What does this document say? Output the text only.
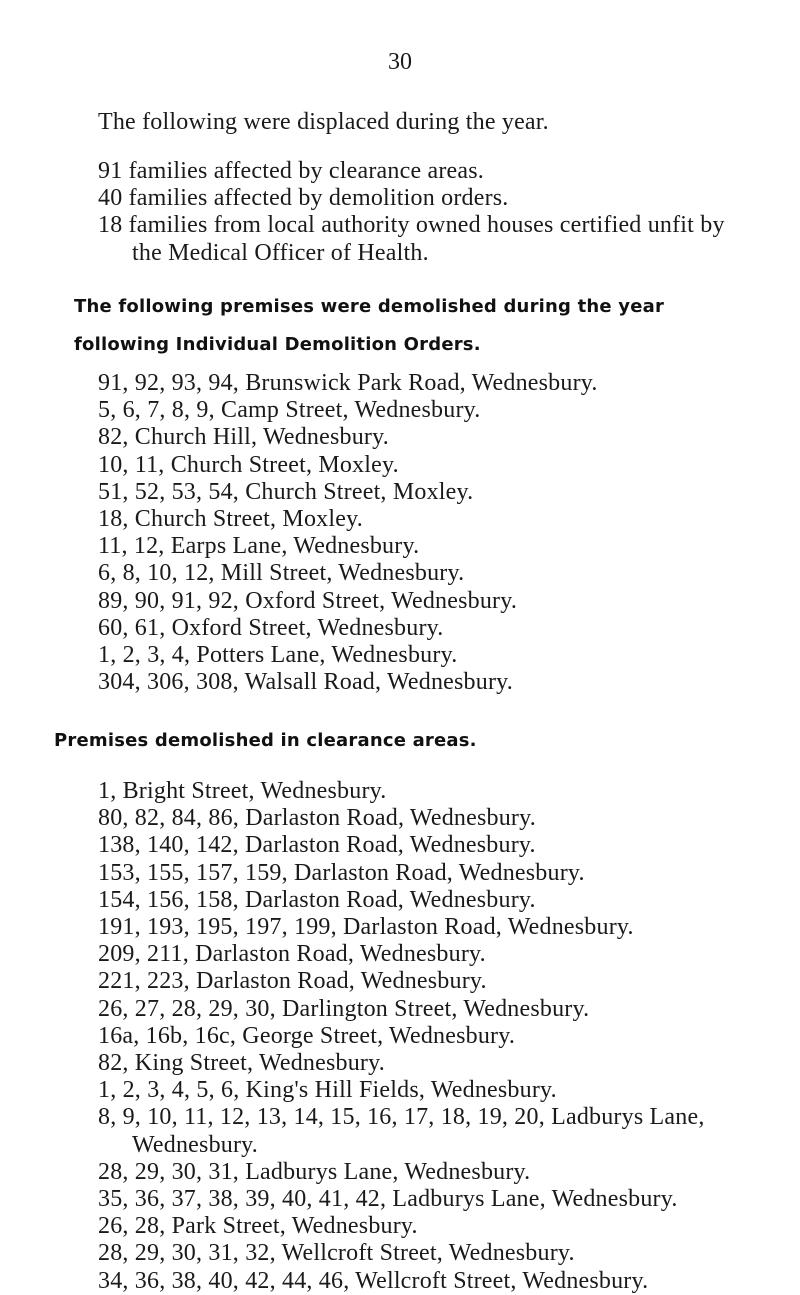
30
The following were displaced during the year.
91 families affected by clearance areas.
40 families affected by demolition orders.
18 families from local authority owned houses certified unfit by the Medical Officer of Health.
The following premises were demolished during the year following Individual Demolition Orders.
91, 92, 93, 94, Brunswick Park Road, Wednesbury.
5, 6, 7, 8, 9, Camp Street, Wednesbury.
82, Church Hill, Wednesbury.
10, 11, Church Street, Moxley.
51, 52, 53, 54, Church Street, Moxley.
18, Church Street, Moxley.
11, 12, Earps Lane, Wednesbury.
6, 8, 10, 12, Mill Street, Wednesbury.
89, 90, 91, 92, Oxford Street, Wednesbury.
60, 61, Oxford Street, Wednesbury.
1, 2, 3, 4, Potters Lane, Wednesbury.
304, 306, 308, Walsall Road, Wednesbury.
Premises demolished in clearance areas.
1, Bright Street, Wednesbury.
80, 82, 84, 86, Darlaston Road, Wednesbury.
138, 140, 142, Darlaston Road, Wednesbury.
153, 155, 157, 159, Darlaston Road, Wednesbury.
154, 156, 158, Darlaston Road, Wednesbury.
191, 193, 195, 197, 199, Darlaston Road, Wednesbury.
209, 211, Darlaston Road, Wednesbury.
221, 223, Darlaston Road, Wednesbury.
26, 27, 28, 29, 30, Darlington Street, Wednesbury.
16a, 16b, 16c, George Street, Wednesbury.
82, King Street, Wednesbury.
1, 2, 3, 4, 5, 6, King's Hill Fields, Wednesbury.
8, 9, 10, 11, 12, 13, 14, 15, 16, 17, 18, 19, 20, Ladburys Lane, Wednesbury.
28, 29, 30, 31, Ladburys Lane, Wednesbury.
35, 36, 37, 38, 39, 40, 41, 42, Ladburys Lane, Wednesbury.
26, 28, Park Street, Wednesbury.
28, 29, 30, 31, 32, Wellcroft Street, Wednesbury.
34, 36, 38, 40, 42, 44, 46, Wellcroft Street, Wednesbury.
